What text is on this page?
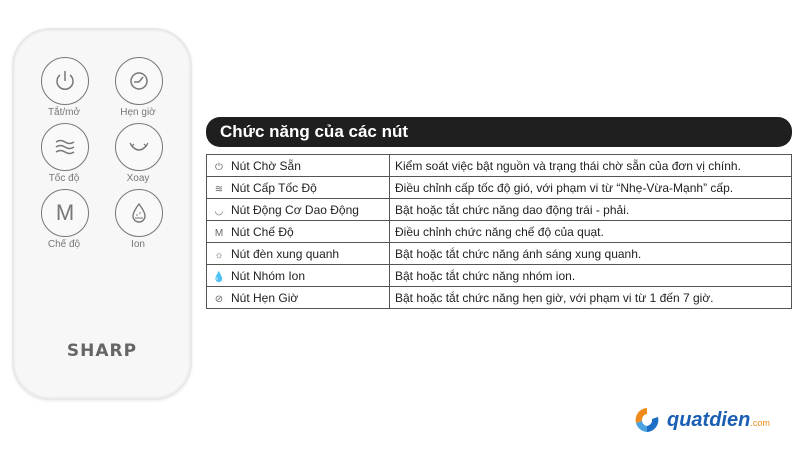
Tắt/mở	Hẹn giờ
Tốc độ	Xoay
M
Chế độ	Ion
SHARP
Chức năng của các nút
⏻ Nút Chờ Sẵn	Kiểm soát việc bật nguồn và trạng thái chờ sẵn của đơn vị chính.
≋ Nút Cấp Tốc Độ	Điều chỉnh cấp tốc độ gió, với phạm vi từ “Nhẹ-Vừa-Mạnh” cấp.
◡ Nút Động Cơ Dao Động	Bật hoặc tắt chức năng dao động trái - phải.
M Nút Chế Độ	Điều chỉnh chức năng chế độ của quạt.
☼ Nút đèn xung quanh	Bật hoặc tắt chức năng ánh sáng xung quanh.
💧 Nút Nhóm Ion	Bật hoặc tắt chức năng nhóm ion.
⊘ Nút Hẹn Giờ	Bật hoặc tắt chức năng hẹn giờ, với phạm vi từ 1 đến 7 giờ.
quatdien.com
